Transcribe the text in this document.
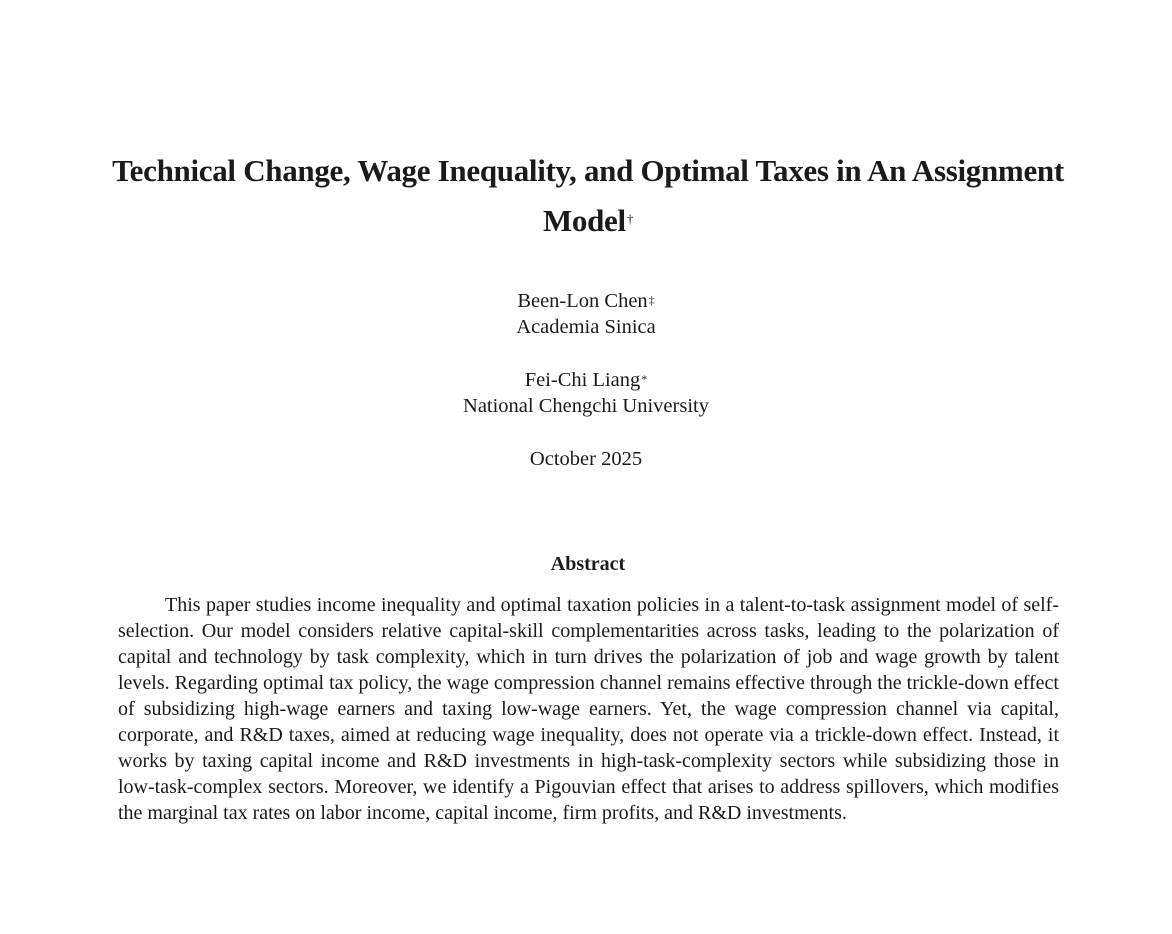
Technical Change, Wage Inequality, and Optimal Taxes in An Assignment Model†
Been-Lon Chen‡
Academia Sinica
Fei-Chi Liang*
National Chengchi University
October 2025
Abstract

This paper studies income inequality and optimal taxation policies in a talent-to-task assignment model of self-selection. Our model considers relative capital-skill complementarities across tasks, leading to the polarization of capital and technology by task complexity, which in turn drives the polarization of job and wage growth by talent levels. Regarding optimal tax policy, the wage compression channel remains effective through the trickle-down effect of subsidizing high-wage earners and taxing low-wage earners. Yet, the wage compression channel via capital, corporate, and R&D taxes, aimed at reducing wage inequality, does not operate via a trickle-down effect. Instead, it works by taxing capital income and R&D investments in high-task-complexity sectors while subsidizing those in low-task-complex sectors. Moreover, we identify a Pigouvian effect that arises to address spillovers, which modifies the marginal tax rates on labor income, capital income, firm profits, and R&D investments.
